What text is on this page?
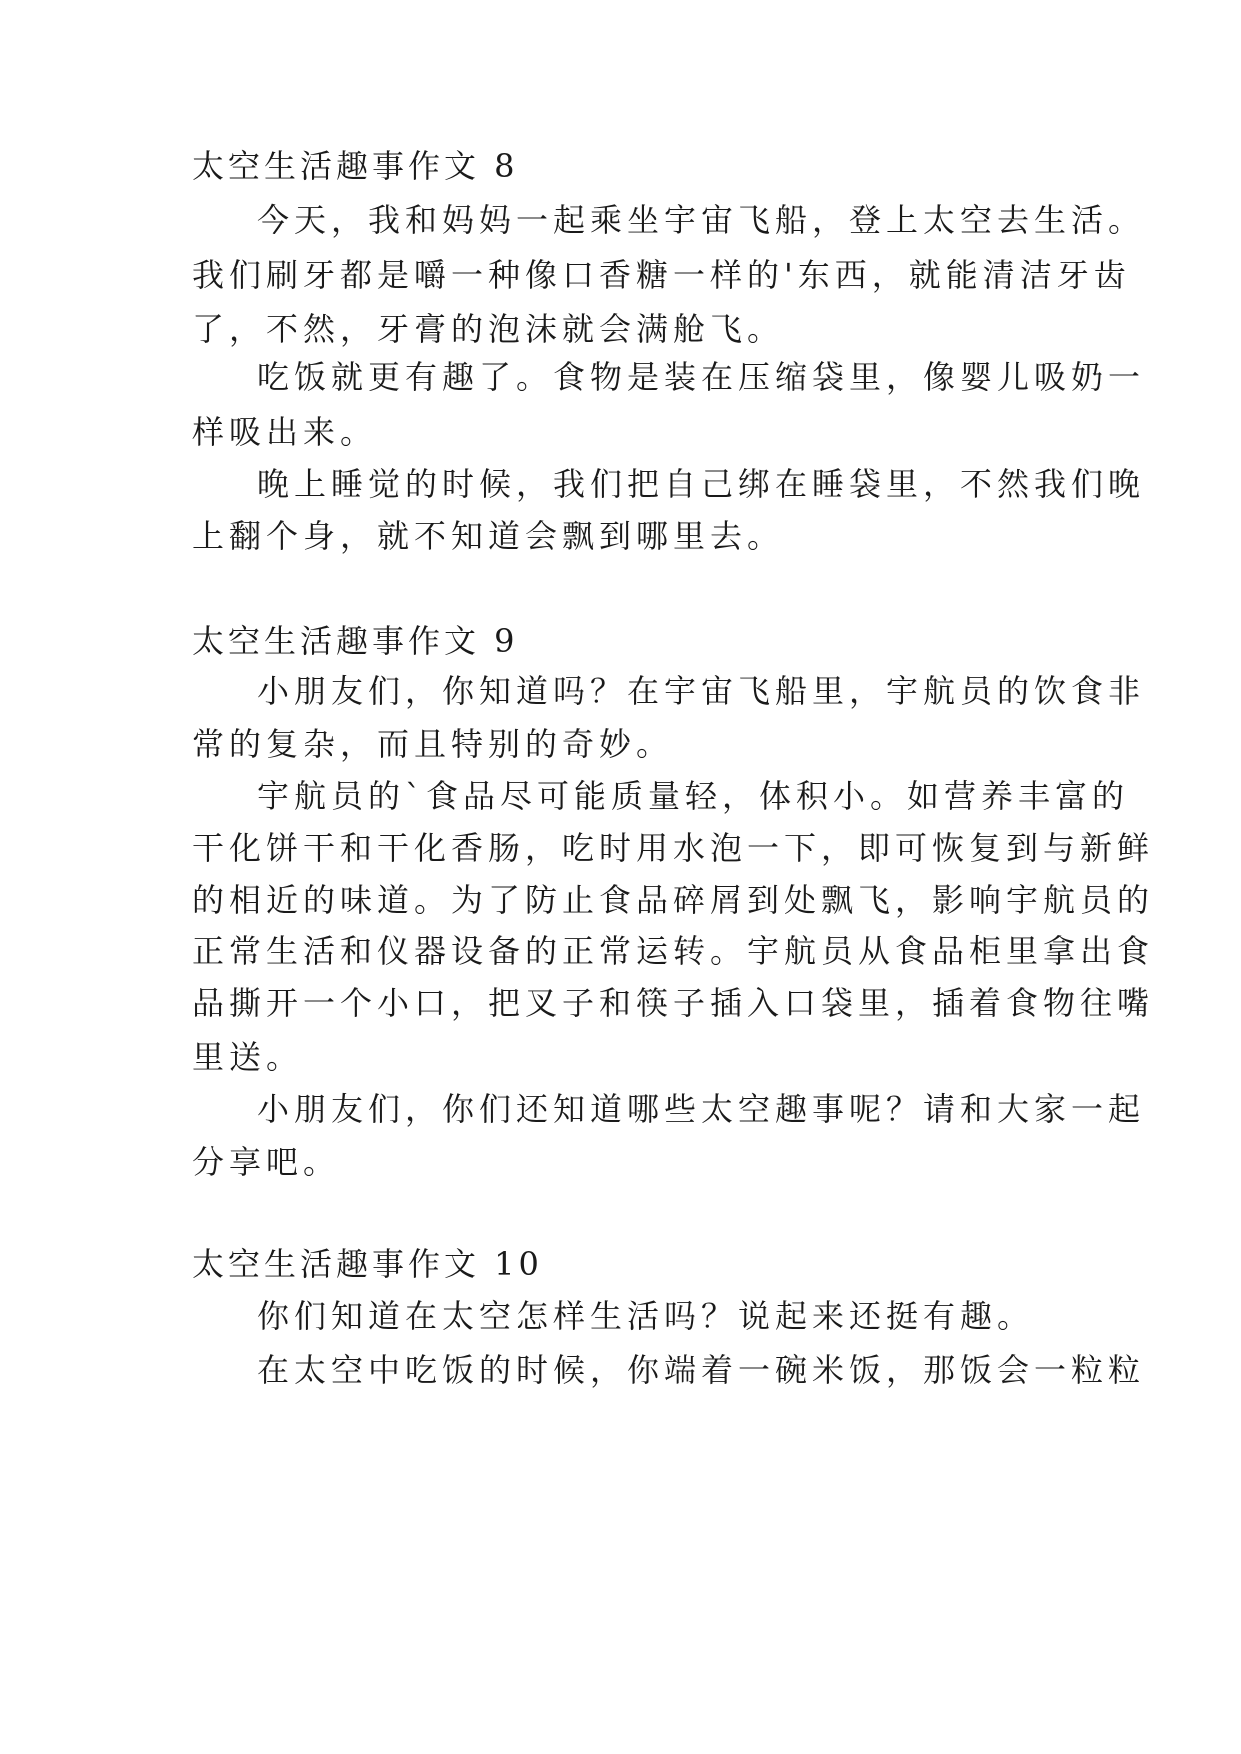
太空生活趣事作文 8

今天，我和妈妈一起乘坐宇宙飞船，登上太空去生活。

我们刷牙都是嚼一种像口香糖一样的'东西，就能清洁牙齿

了，不然，牙膏的泡沫就会满舱飞。

吃饭就更有趣了。食物是装在压缩袋里，像婴儿吸奶一

样吸出来。

晚上睡觉的时候，我们把自己绑在睡袋里，不然我们晚

上翻个身，就不知道会飘到哪里去。

太空生活趣事作文 9

小朋友们，你知道吗？在宇宙飞船里，宇航员的饮食非

常的复杂，而且特别的奇妙。

宇航员的`食品尽可能质量轻，体积小。如营养丰富的

干化饼干和干化香肠，吃时用水泡一下，即可恢复到与新鲜

的相近的味道。为了防止食品碎屑到处飘飞，影响宇航员的

正常生活和仪器设备的正常运转。宇航员从食品柜里拿出食

品撕开一个小口，把叉子和筷子插入口袋里，插着食物往嘴

里送。

小朋友们，你们还知道哪些太空趣事呢？请和大家一起

分享吧。

太空生活趣事作文 10

你们知道在太空怎样生活吗？说起来还挺有趣。

在太空中吃饭的时候，你端着一碗米饭，那饭会一粒粒
